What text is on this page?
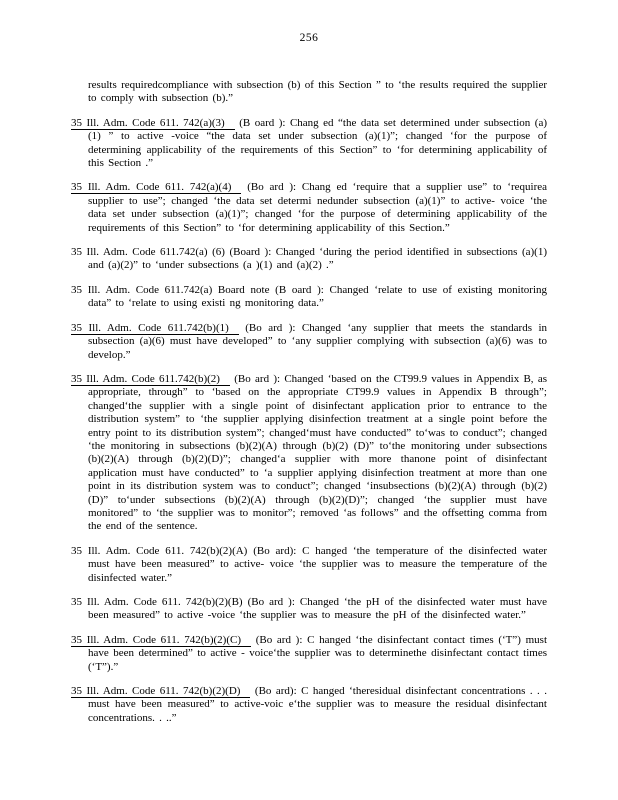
256

results requiredcompliance with subsection (b) of this Section ” to ‘the results required the supplier to comply with subsection (b).”

35 Ill. Adm. Code 611. 742(a)(3) (B oard ): Chang ed “the data set determined under subsection (a)(1) ” to active -voice “the data set under subsection (a)(1)”; changed ‘for the purpose of determining applicability of the requirements of this Section” to ‘for determining applicability of this Section .”

35 Ill. Adm. Code 611. 742(a)(4) (Bo ard ): Chang ed ‘require that a supplier use” to ‘requirea supplier to use”; changed ‘the data set determi nedunder subsection (a)(1)” to active- voice ‘the data set under subsection (a)(1)”; changed ‘for the purpose of determining applicability of the requirements of this Section” to ‘for determining applicability of this Section.”

35 Ill. Adm. Code 611.742(a) (6) (Board ): Changed ‘during the period identified in subsections (a)(1) and (a)(2)” to ‘under subsections (a )(1) and (a)(2) .”

35 Ill. Adm. Code 611.742(a) Board note (B oard ): Changed ‘relate to use of existing monitoring data” to ‘relate to using existi ng monitoring data.”

35 Ill. Adm. Code 611.742(b)(1) (Bo ard ): Changed ‘any supplier that meets the standards in subsection (a)(6) must have developed” to ‘any supplier complying with subsection (a)(6) was to develop.”

35 Ill. Adm. Code 611.742(b)(2) (Bo ard ): Changed ‘based on the CT99.9 values in Appendix B, as appropriate, through” to ‘based on the appropriate CT99.9 values in Appendix B through”; changed‘the supplier with a single point of disinfectant application prior to entrance to the distribution system” to ‘the supplier applying disinfection treatment at a single point before the entry point to its distribution system”; changed‘must have conducted” to‘was to conduct”; changed ‘the monitoring in subsections (b)(2)(A) through (b)(2) (D)” to‘the monitoring under subsections (b)(2)(A) through (b)(2)(D)”; changed‘a supplier with more thanone point of disinfectant application must have conducted” to ‘a supplier applying disinfection treatment at more than one point in its distribution system was to conduct”; changed ‘insubsections (b)(2)(A) through (b)(2)(D)” to‘under subsections (b)(2)(A) through (b)(2)(D)”; changed ‘the supplier must have monitored” to ‘the supplier was to monitor”; removed ‘as follows” and the offsetting comma from the end of the sentence.

35 Ill. Adm. Code 611. 742(b)(2)(A) (Bo ard): C hanged ‘the temperature of the disinfected water must have been measured” to active- voice ‘the supplier was to measure the temperature of the disinfected water.”

35 Ill. Adm. Code 611. 742(b)(2)(B) (Bo ard ): Changed ‘the pH of the disinfected water must have been measured” to active -voice ‘the supplier was to measure the pH of the disinfected water.”

35 Ill. Adm. Code 611. 742(b)(2)(C) (Bo ard ): C hanged ‘the disinfectant contact times (‘T”) must have been determined” to active - voice‘the supplier was to determinethe disinfectant contact times (‘T”).”

35 Ill. Adm. Code 611. 742(b)(2)(D) (Bo ard): C hanged ‘theresidual disinfectant concentrations . . . must have been measured” to active-voic e‘the supplier was to measure the residual disinfectant concentrations. . ..”
